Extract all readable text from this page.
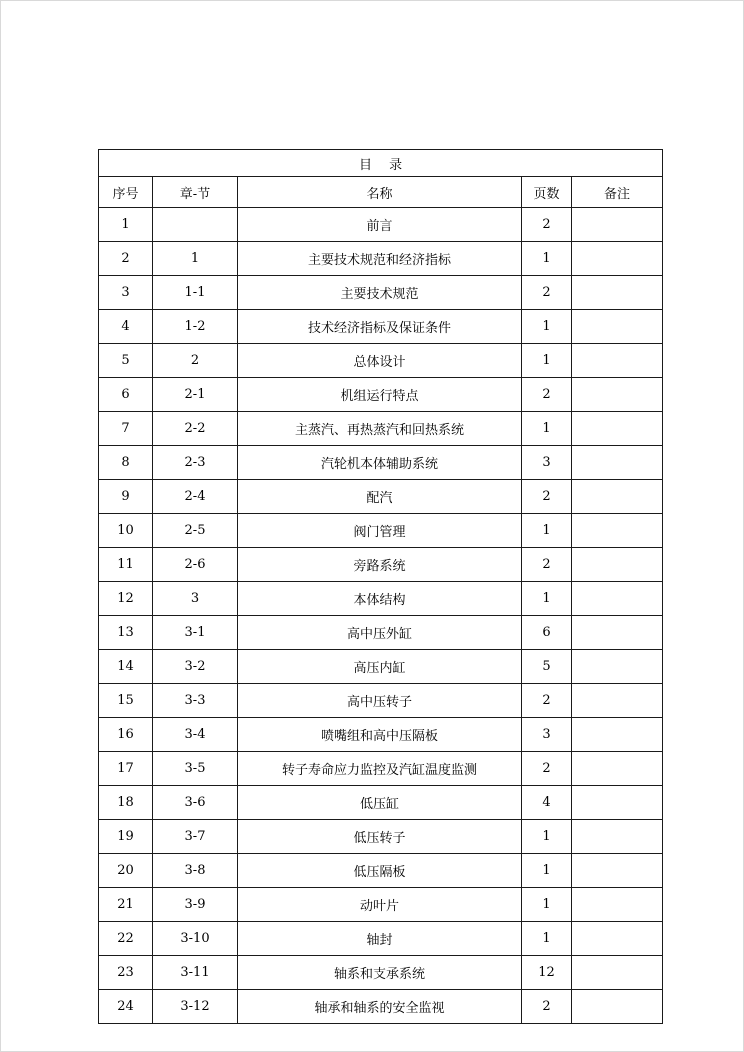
目 录				
序号	章-节	名称	页数	备注
1		前言	2	
2	1	主要技术规范和经济指标	1	
3	1-1	主要技术规范	2	
4	1-2	技术经济指标及保证条件	1	
5	2	总体设计	1	
6	2-1	机组运行特点	2	
7	2-2	主蒸汽、再热蒸汽和回热系统	1	
8	2-3	汽轮机本体辅助系统	3	
9	2-4	配汽	2	
10	2-5	阀门管理	1	
11	2-6	旁路系统	2	
12	3	本体结构	1	
13	3-1	高中压外缸	6	
14	3-2	高压内缸	5	
15	3-3	高中压转子	2	
16	3-4	喷嘴组和高中压隔板	3	
17	3-5	转子寿命应力监控及汽缸温度监测	2	
18	3-6	低压缸	4	
19	3-7	低压转子	1	
20	3-8	低压隔板	1	
21	3-9	动叶片	1	
22	3-10	轴封	1	
23	3-11	轴系和支承系统	12	
24	3-12	轴承和轴系的安全监视	2	
